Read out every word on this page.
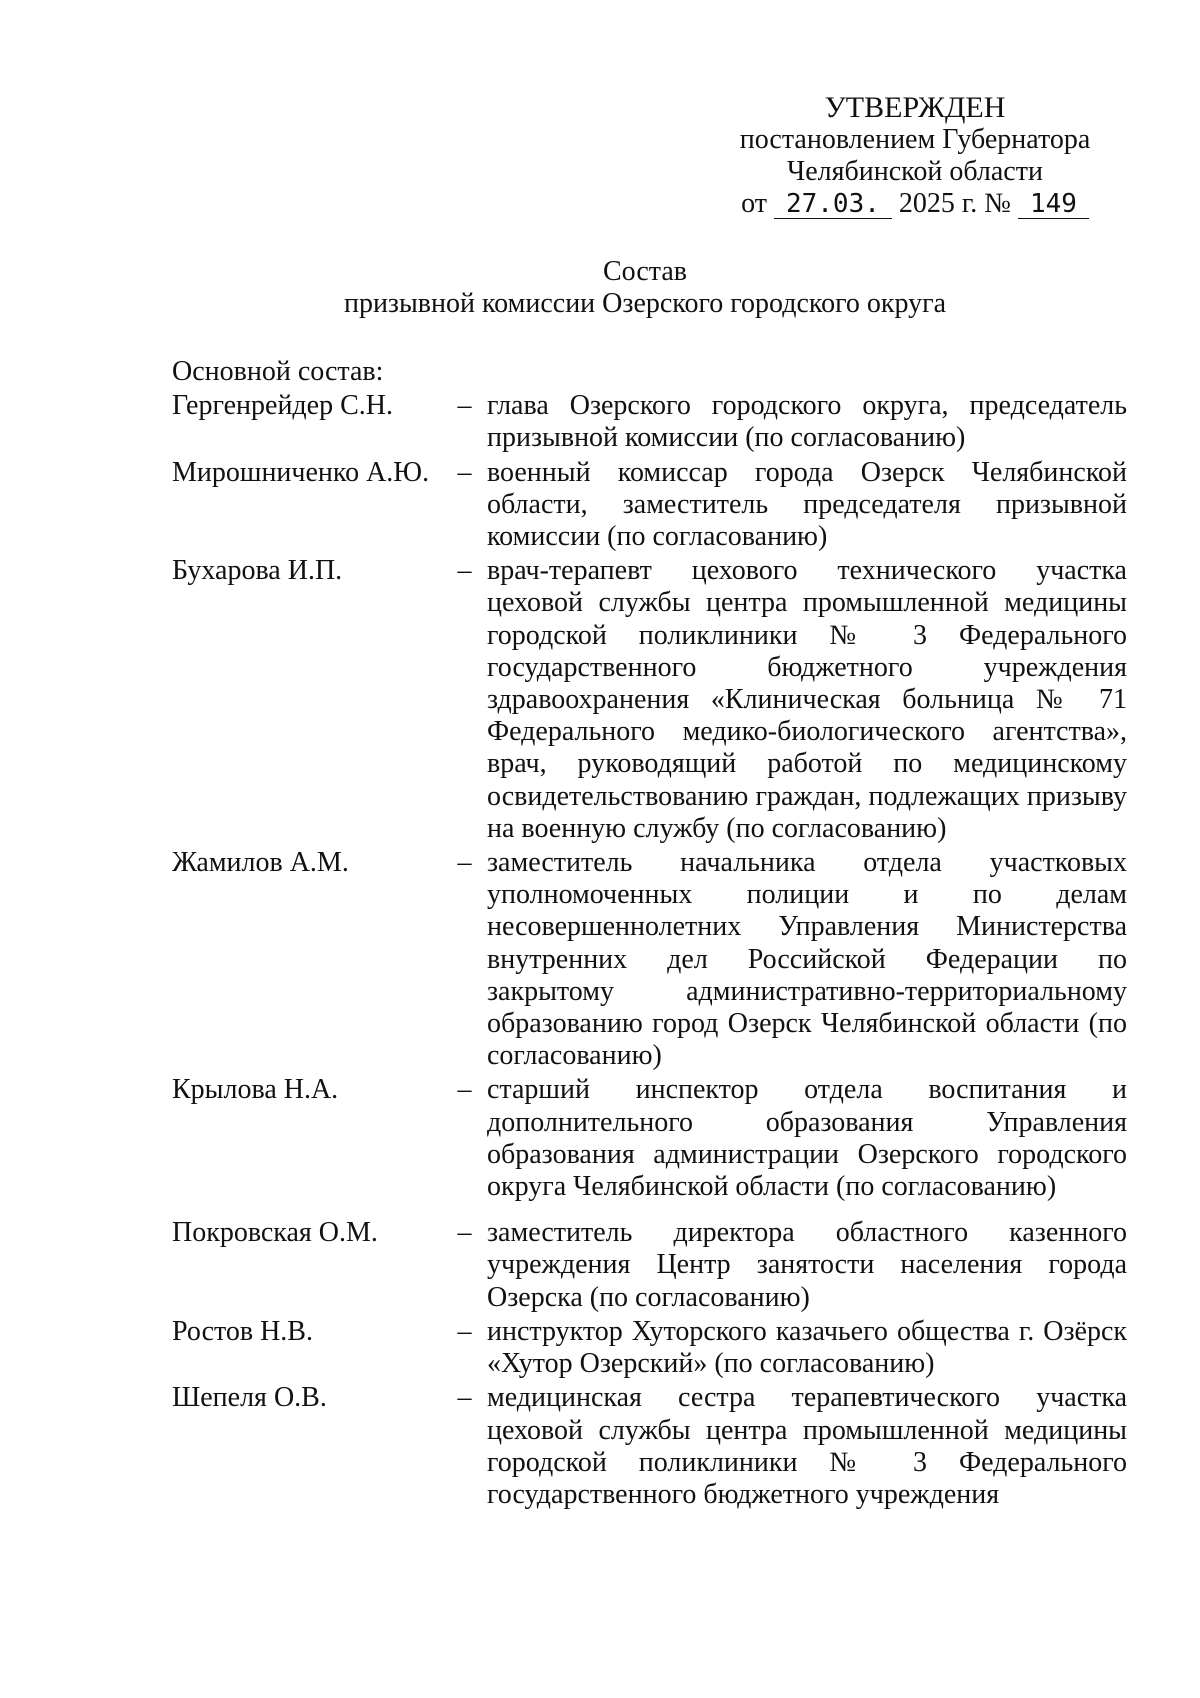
УТВЕРЖДЕН
постановлением Губернатора
Челябинской области
от 27.03. 2025 г. № 149
Состав
призывной комиссии Озерского городского округа

Основной состав:

Гергенрейдер С.Н.	– глава Озерского городского округа, председатель призывной комиссии (по согласованию)
Мирошниченко А.Ю.	– военный комиссар города Озерск Челябинской области, заместитель председателя призывной комиссии (по согласованию)
Бухарова И.П.	– врач-терапевт цехового технического участка цеховой службы центра промышленной медицины городской поликлиники № 3 Федерального государственного бюджетного учреждения здравоохранения «Клиническая больница № 71 Федерального медико-биологического агентства», врач, руководящий работой по медицинскому освидетельствованию граждан, подлежащих призыву на военную службу (по согласованию)
Жамилов А.М.	– заместитель начальника отдела участковых уполномоченных полиции и по делам несовершеннолетних Управления Министерства внутренних дел Российской Федерации по закрытому административно-территориальному образованию город Озерск Челябинской области (по согласованию)
Крылова Н.А.	– старший инспектор отдела воспитания и дополнительного образования Управления образования администрации Озерского городского округа Челябинской области (по согласованию)
Покровская О.М.	– заместитель директора областного казенного учреждения Центр занятости населения города Озерска (по согласованию)
Ростов Н.В.	– инструктор Хуторского казачьего общества г. Озёрск «Хутор Озерский» (по согласованию)
Шепеля О.В.	– медицинская сестра терапевтического участка цеховой службы центра промышленной медицины городской поликлиники № 3 Федерального государственного бюджетного учреждения
